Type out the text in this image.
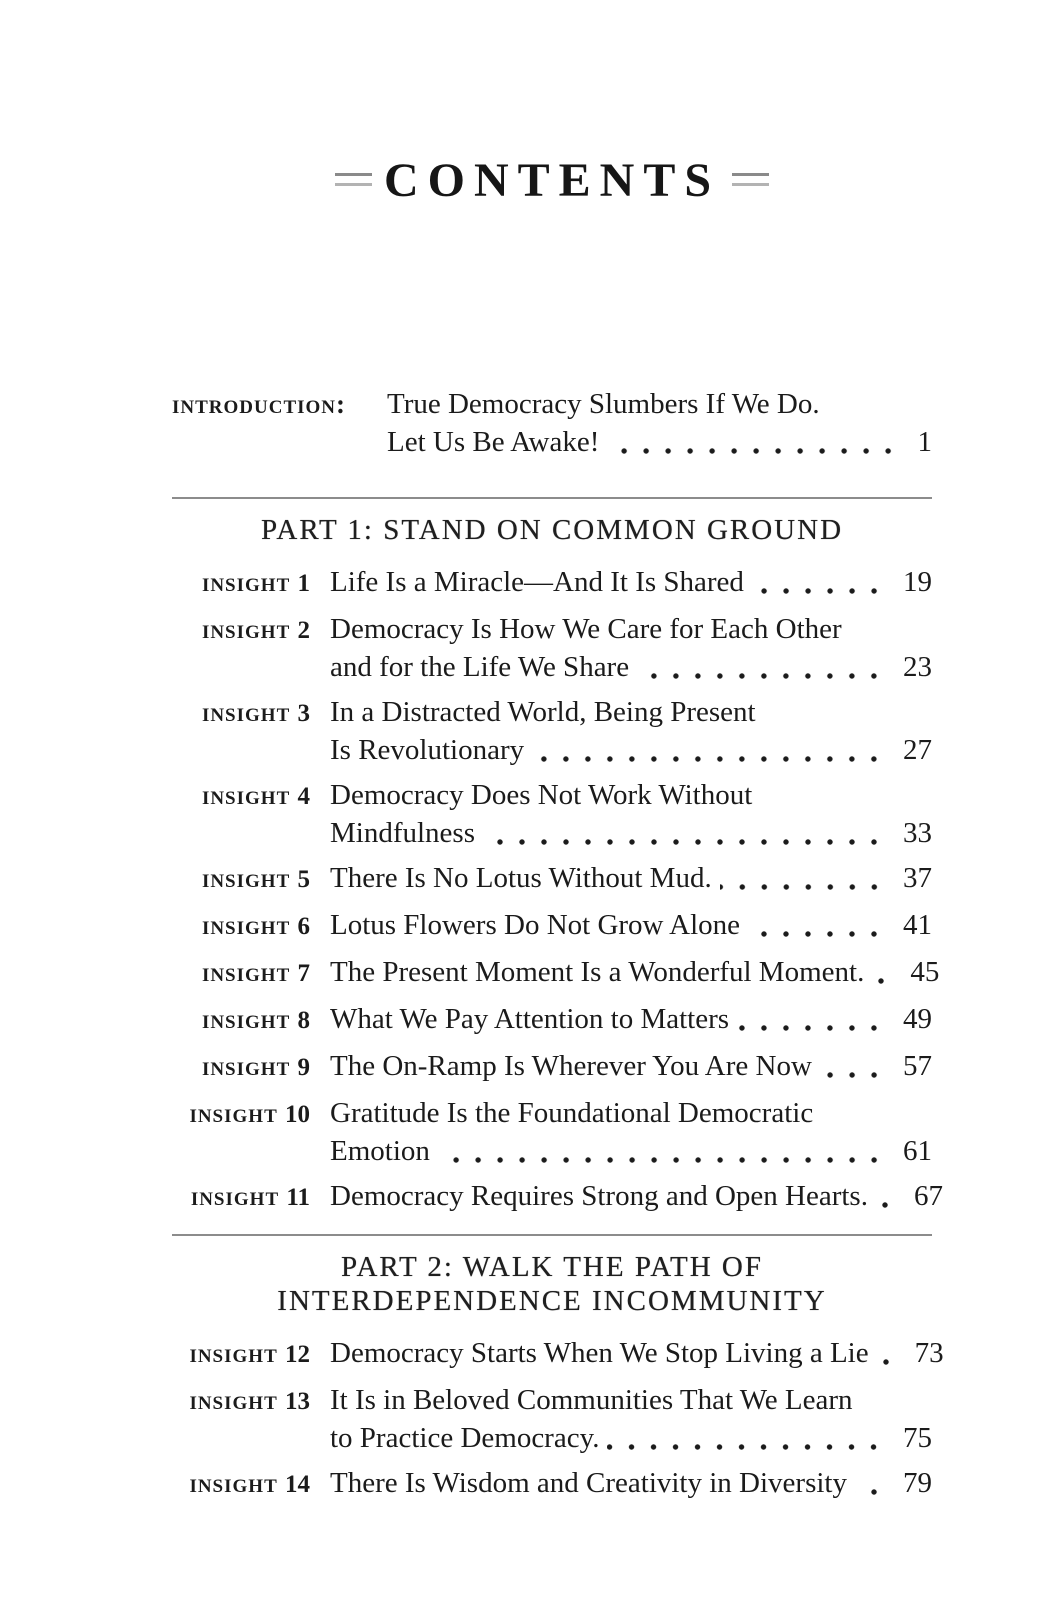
CONTENTS
introduction:	True Democracy Slumbers If We Do.
Let Us Be Awake!	1
PART 1: STAND ON COMMON GROUND
insight 1 Life Is a Miracle—And It Is Shared	19
insight 2 Democracy Is How We Care for Each Other
and for the Life We Share	23
insight 3 In a Distracted World, Being Present
Is Revolutionary	27
insight 4 Democracy Does Not Work Without
Mindfulness	33
insight 5 There Is No Lotus Without Mud.	37
insight 6 Lotus Flowers Do Not Grow Alone	41
insight 7 The Present Moment Is a Wonderful Moment. 45
insight 8 What We Pay Attention to Matters	49
insight 9 The On-Ramp Is Wherever You Are Now	57
insight 10 Gratitude Is the Foundational Democratic
Emotion	61
insight 11 Democracy Requires Strong and Open Hearts. 67
PART 2: WALK THE PATH OF
INTERDEPENDENCE INCOMMUNITY
insight 12 Democracy Starts When We Stop Living a Lie 73
insight 13 It Is in Beloved Communities That We Learn
to Practice Democracy.	75
insight 14 There Is Wisdom and Creativity in Diversity 79
